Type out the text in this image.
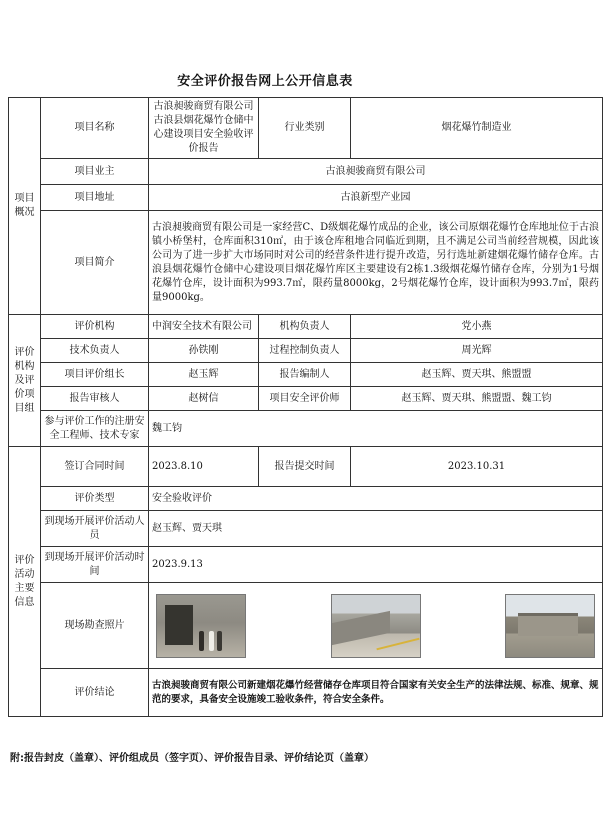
安全评价报告网上公开信息表
项目概况	项目名称	古浪昶骏商贸有限公司古浪县烟花爆竹仓储中心建设项目安全验收评价报告	行业类别	烟花爆竹制造业
	项目业主	古浪昶骏商贸有限公司		
	项目地址	古浪新型产业园		
	项目简介	古浪昶骏商贸有限公司是一家经营C、D级烟花爆竹成品的企业，该公司原烟花爆竹仓库地址位于古浪镇小桥堡村，仓库面积310㎡，由于该仓库租地合同临近到期，且不满足公司当前经营规模，因此该公司为了进一步扩大市场同时对公司的经营条件进行提升改造，另行选址新建烟花爆竹储存仓库。古浪县烟花爆竹仓储中心建设项目烟花爆竹库区主要建设有2栋1.3级烟花爆竹储存仓库，分别为1号烟花爆竹仓库，设计面积为993.7㎡，限药量8000kg，2号烟花爆竹仓库，设计面积为993.7㎡，限药量9000kg。		
评价机构及评价项目组	评价机构	中润安全技术有限公司	机构负责人	党小燕
	技术负责人	孙铁刚	过程控制负责人	周光辉
	项目评价组长	赵玉辉	报告编制人	赵玉辉、贾天琪、熊盟盟
	报告审核人	赵树信	项目安全评价师	赵玉辉、贾天琪、熊盟盟、魏工钧
	参与评价工作的注册安全工程师、技术专家	魏工钧		
评价活动主要信息	签订合同时间	2023.8.10	报告提交时间	2023.10.31
	评价类型	安全验收评价		
	到现场开展评价活动人员	赵玉辉、贾天琪		
	到现场开展评价活动时间	2023.9.13		
	现场勘查照片			

	评价结论	古浪昶骏商贸有限公司新建烟花爆竹经营储存仓库项目符合国家有关安全生产的法律法规、标准、规章、规范的要求，具备安全设施竣工验收条件，符合安全条件。		
附:报告封皮（盖章）、评价组成员（签字页）、评价报告目录、评价结论页（盖章）
